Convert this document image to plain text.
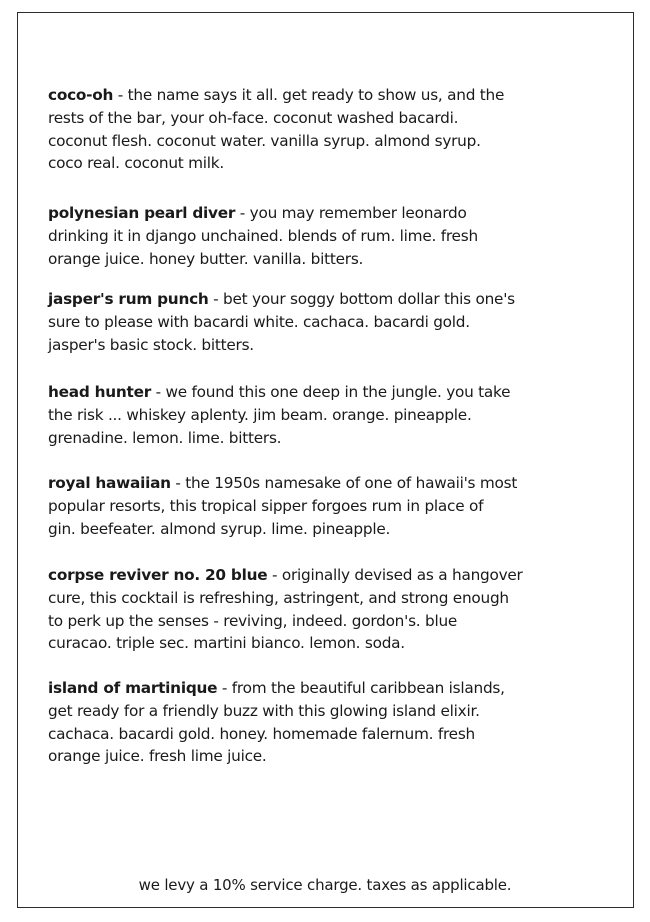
coco-oh - the name says it all. get ready to show us, and the
rests of the bar, your oh-face. coconut washed bacardi.
coconut flesh. coconut water. vanilla syrup. almond syrup.
coco real. coconut milk.

polynesian pearl diver - you may remember leonardo
drinking it in django unchained. blends of rum. lime. fresh
orange juice. honey butter. vanilla. bitters.

jasper's rum punch - bet your soggy bottom dollar this one's
sure to please with bacardi white. cachaca. bacardi gold.
jasper's basic stock. bitters.

head hunter - we found this one deep in the jungle. you take
the risk ... whiskey aplenty. jim beam. orange. pineapple.
grenadine. lemon. lime. bitters.

royal hawaiian - the 1950s namesake of one of hawaii's most
popular resorts, this tropical sipper forgoes rum in place of
gin. beefeater. almond syrup. lime. pineapple.

corpse reviver no. 20 blue - originally devised as a hangover
cure, this cocktail is refreshing, astringent, and strong enough
to perk up the senses - reviving, indeed. gordon's. blue
curacao. triple sec. martini bianco. lemon. soda.

island of martinique - from the beautiful caribbean islands,
get ready for a friendly buzz with this glowing island elixir.
cachaca. bacardi gold. honey. homemade falernum. fresh
orange juice. fresh lime juice.

we levy a 10% service charge. taxes as applicable.
